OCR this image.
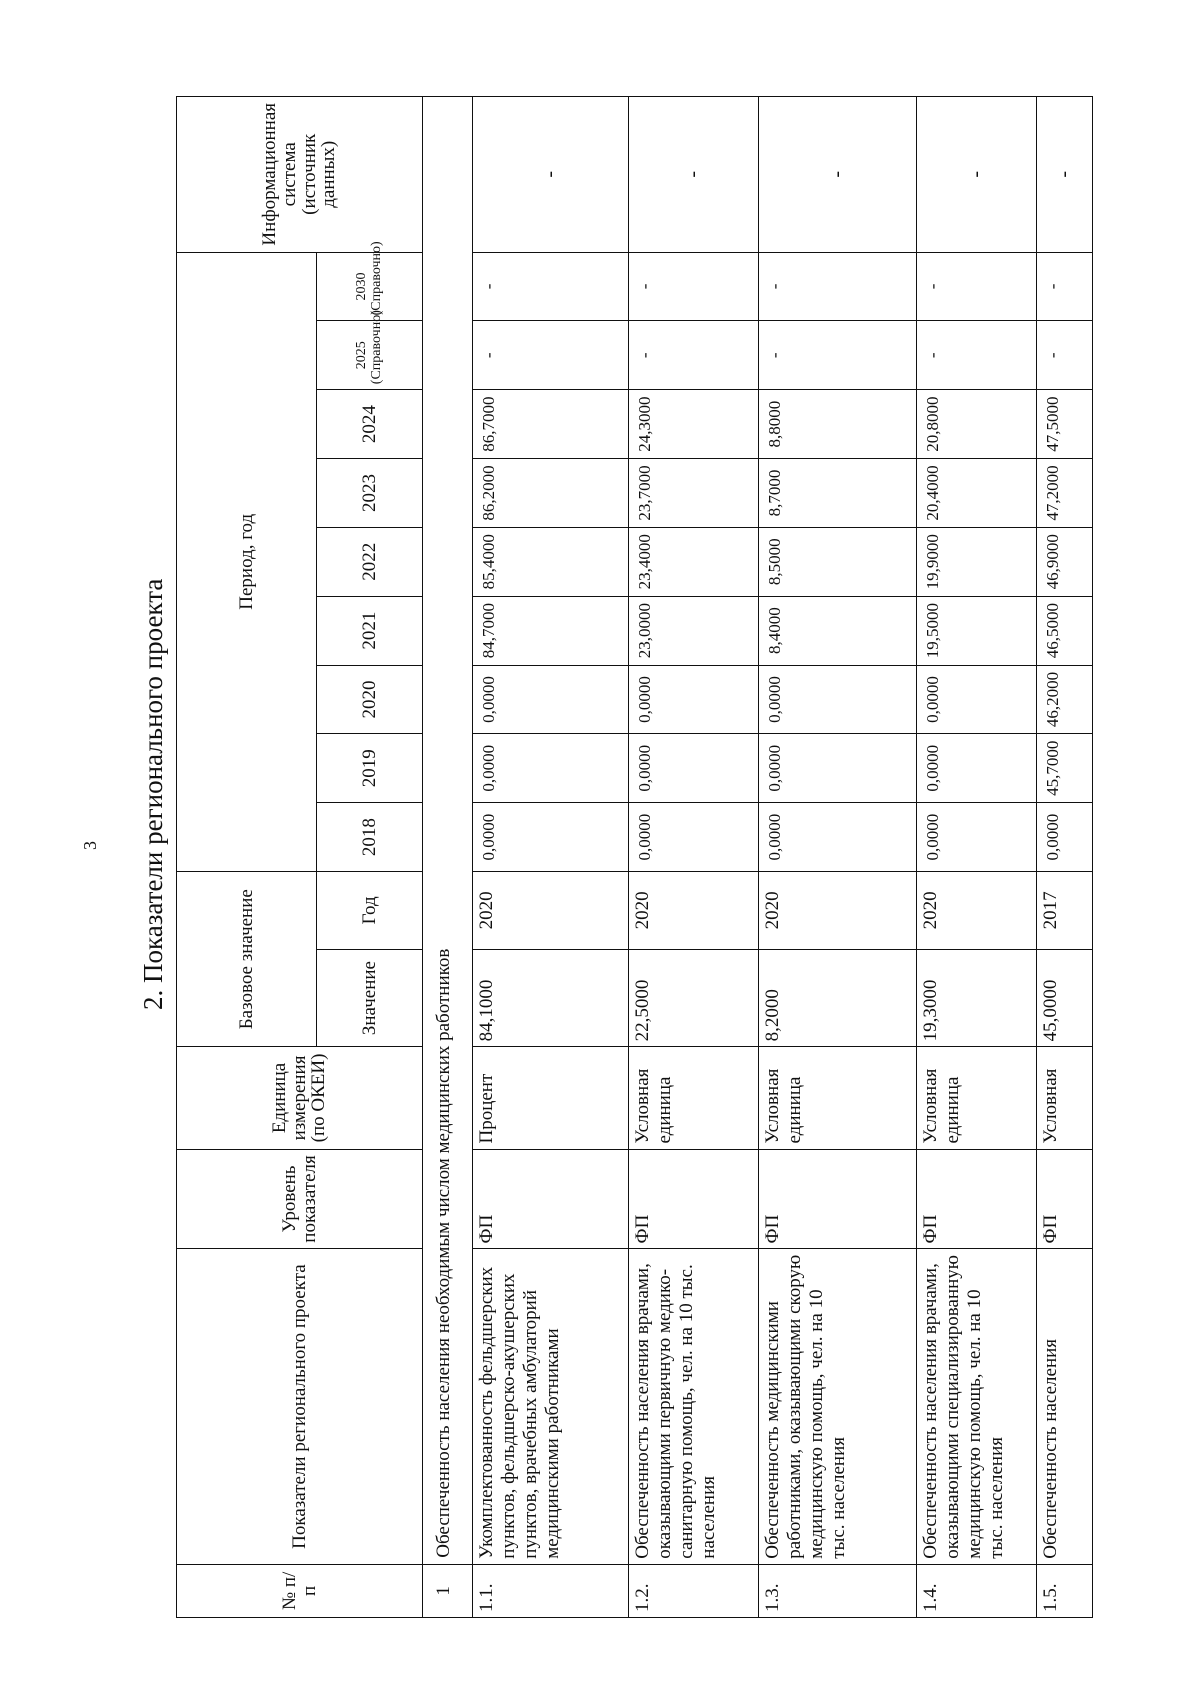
3 2. Показатели регионального проекта
№ п/п	Показатели регионального проекта	Уровень показателя	Единица измерения (по ОКЕИ)	Базовое значение		Период, год									Информационная система (источник данных)

				Значение	Год	2018	2019	2020	2021	2022	2023	2024	2025 (Справочно)	2030 (Справочно)	
1	Обеспеченность населения необходимым числом медицинских работников														
1.1.	Укомплектованность фельдшерских пунктов, фельдшерско-акушерских пунктов, врачебных амбулаторий медицинскими работниками	ФП	Процент	84,1000	2020	0,0000	0,0000	0,0000	84,7000	85,4000	86,2000	86,7000	-	-	-
1.2.	Обеспеченность населения врачами, оказывающими первичную медико-санитарную помощь, чел. на 10 тыс. населения	ФП	Условная единица	22,5000	2020	0,0000	0,0000	0,0000	23,0000	23,4000	23,7000	24,3000	-	-	-
1.3.	Обеспеченность медицинскими работниками, оказывающими скорую медицинскую помощь, чел. на 10 тыс. населения	ФП	Условная единица	8,2000	2020	0,0000	0,0000	0,0000	8,4000	8,5000	8,7000	8,8000	-	-	-
1.4.	Обеспеченность населения врачами, оказывающими специализированную медицинскую помощь, чел. на 10 тыс. населения	ФП	Условная единица	19,3000	2020	0,0000	0,0000	0,0000	19,5000	19,9000	20,4000	20,8000	-	-	-
1.5.	Обеспеченность населения	ФП	Условная	45,0000	2017	0,0000	45,7000	46,2000	46,5000	46,9000	47,2000	47,5000	-	-	-
